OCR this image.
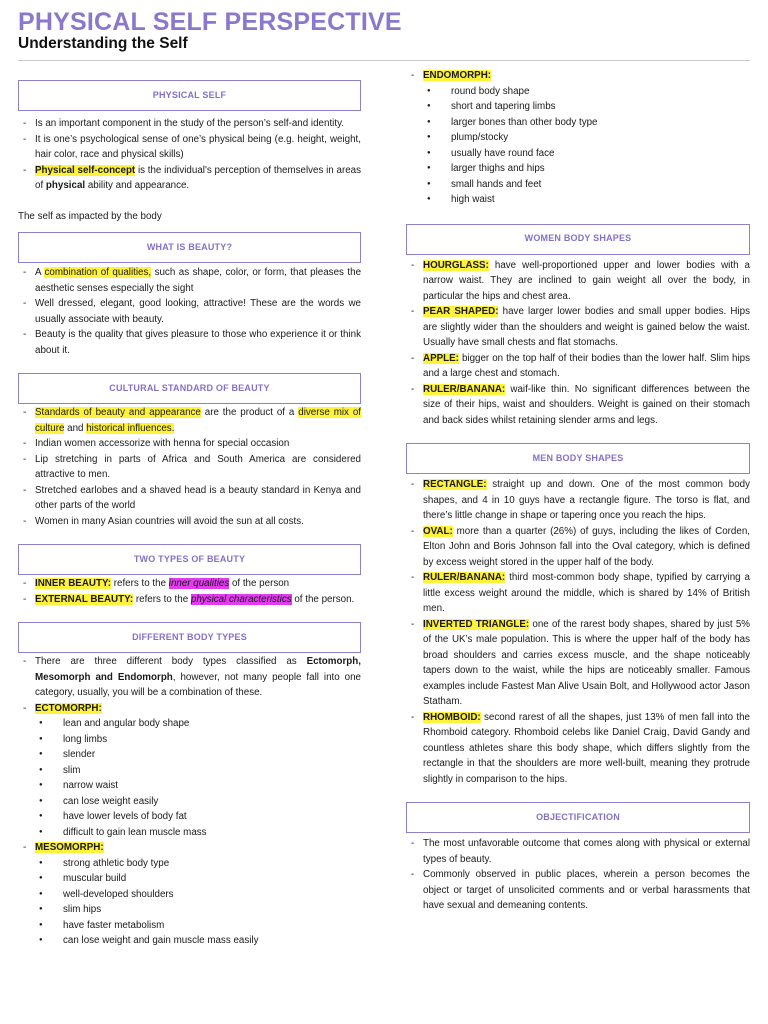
PHYSICAL SELF PERSPECTIVE
Understanding the Self
PHYSICAL SELF
- Is an important component in the study of the person’s self-and identity.
- It is one’s psychological sense of one’s physical being (e.g. height, weight, hair color, race and physical skills)
- Physical self-concept is the individual's perception of themselves in areas of physical ability and appearance.
The self as impacted by the body
WHAT IS BEAUTY?
- A combination of qualities, such as shape, color, or form, that pleases the aesthetic senses especially the sight
- Well dressed, elegant, good looking, attractive! These are the words we usually associate with beauty.
- Beauty is the quality that gives pleasure to those who experience it or think about it.
CULTURAL STANDARD OF BEAUTY
- Standards of beauty and appearance are the product of a diverse mix of culture and historical influences.
- Indian women accessorize with henna for special occasion
- Lip stretching in parts of Africa and South America are considered attractive to men.
- Stretched earlobes and a shaved head is a beauty standard in Kenya and other parts of the world
- Women in many Asian countries will avoid the sun at all costs.
TWO TYPES OF BEAUTY
- INNER BEAUTY: refers to the inner qualities of the person
- EXTERNAL BEAUTY: refers to the physical characteristics of the person.
DIFFERENT BODY TYPES
- There are three different body types classified as Ectomorph, Mesomorph and Endomorph, however, not many people fall into one category, usually, you will be a combination of these.
- ECTOMORPH:
● lean and angular body shape
● long limbs
● slender
● slim
● narrow waist
● can lose weight easily
● have lower levels of body fat
● difficult to gain lean muscle mass
- MESOMORPH:
● strong athletic body type
● muscular build
● well-developed shoulders
● slim hips
● have faster metabolism
● can lose weight and gain muscle mass easily
- ENDOMORPH:
● round body shape
● short and tapering limbs
● larger bones than other body type
● plump/stocky
● usually have round face
● larger thighs and hips
● small hands and feet
● high waist
WOMEN BODY SHAPES
- HOURGLASS: have well-proportioned upper and lower bodies with a narrow waist. They are inclined to gain weight all over the body, in particular the hips and chest area.
- PEAR SHAPED: have larger lower bodies and small upper bodies. Hips are slightly wider than the shoulders and weight is gained below the waist. Usually have small chests and flat stomachs.
- APPLE: bigger on the top half of their bodies than the lower half. Slim hips and a large chest and stomach.
- RULER/BANANA: waif-like thin. No significant differences between the size of their hips, waist and shoulders. Weight is gained on their stomach and back sides whilst retaining slender arms and legs.
MEN BODY SHAPES
- RECTANGLE: straight up and down. One of the most common body shapes, and 4 in 10 guys have a rectangle figure. The torso is flat, and there’s little change in shape or tapering once you reach the hips.
- OVAL: more than a quarter (26%) of guys, including the likes of Corden, Elton John and Boris Johnson fall into the Oval category, which is defined by excess weight stored in the upper half of the body.
- RULER/BANANA: third most-common body shape, typified by carrying a little excess weight around the middle, which is shared by 14% of British men.
- INVERTED TRIANGLE: one of the rarest body shapes, shared by just 5% of the UK’s male population. This is where the upper half of the body has broad shoulders and carries excess muscle, and the shape noticeably tapers down to the waist, while the hips are noticeably smaller. Famous examples include Fastest Man Alive Usain Bolt, and Hollywood actor Jason Statham.
- RHOMBOID: second rarest of all the shapes, just 13% of men fall into the Rhomboid category. Rhomboid celebs like Daniel Craig, David Gandy and countless athletes share this body shape, which differs slightly from the rectangle in that the shoulders are more well-built, meaning they protrude slightly in comparison to the hips.
OBJECTIFICATION
- The most unfavorable outcome that comes along with physical or external types of beauty.
- Commonly observed in public places, wherein a person becomes the object or target of unsolicited comments and or verbal harassments that have sexual and demeaning contents.
